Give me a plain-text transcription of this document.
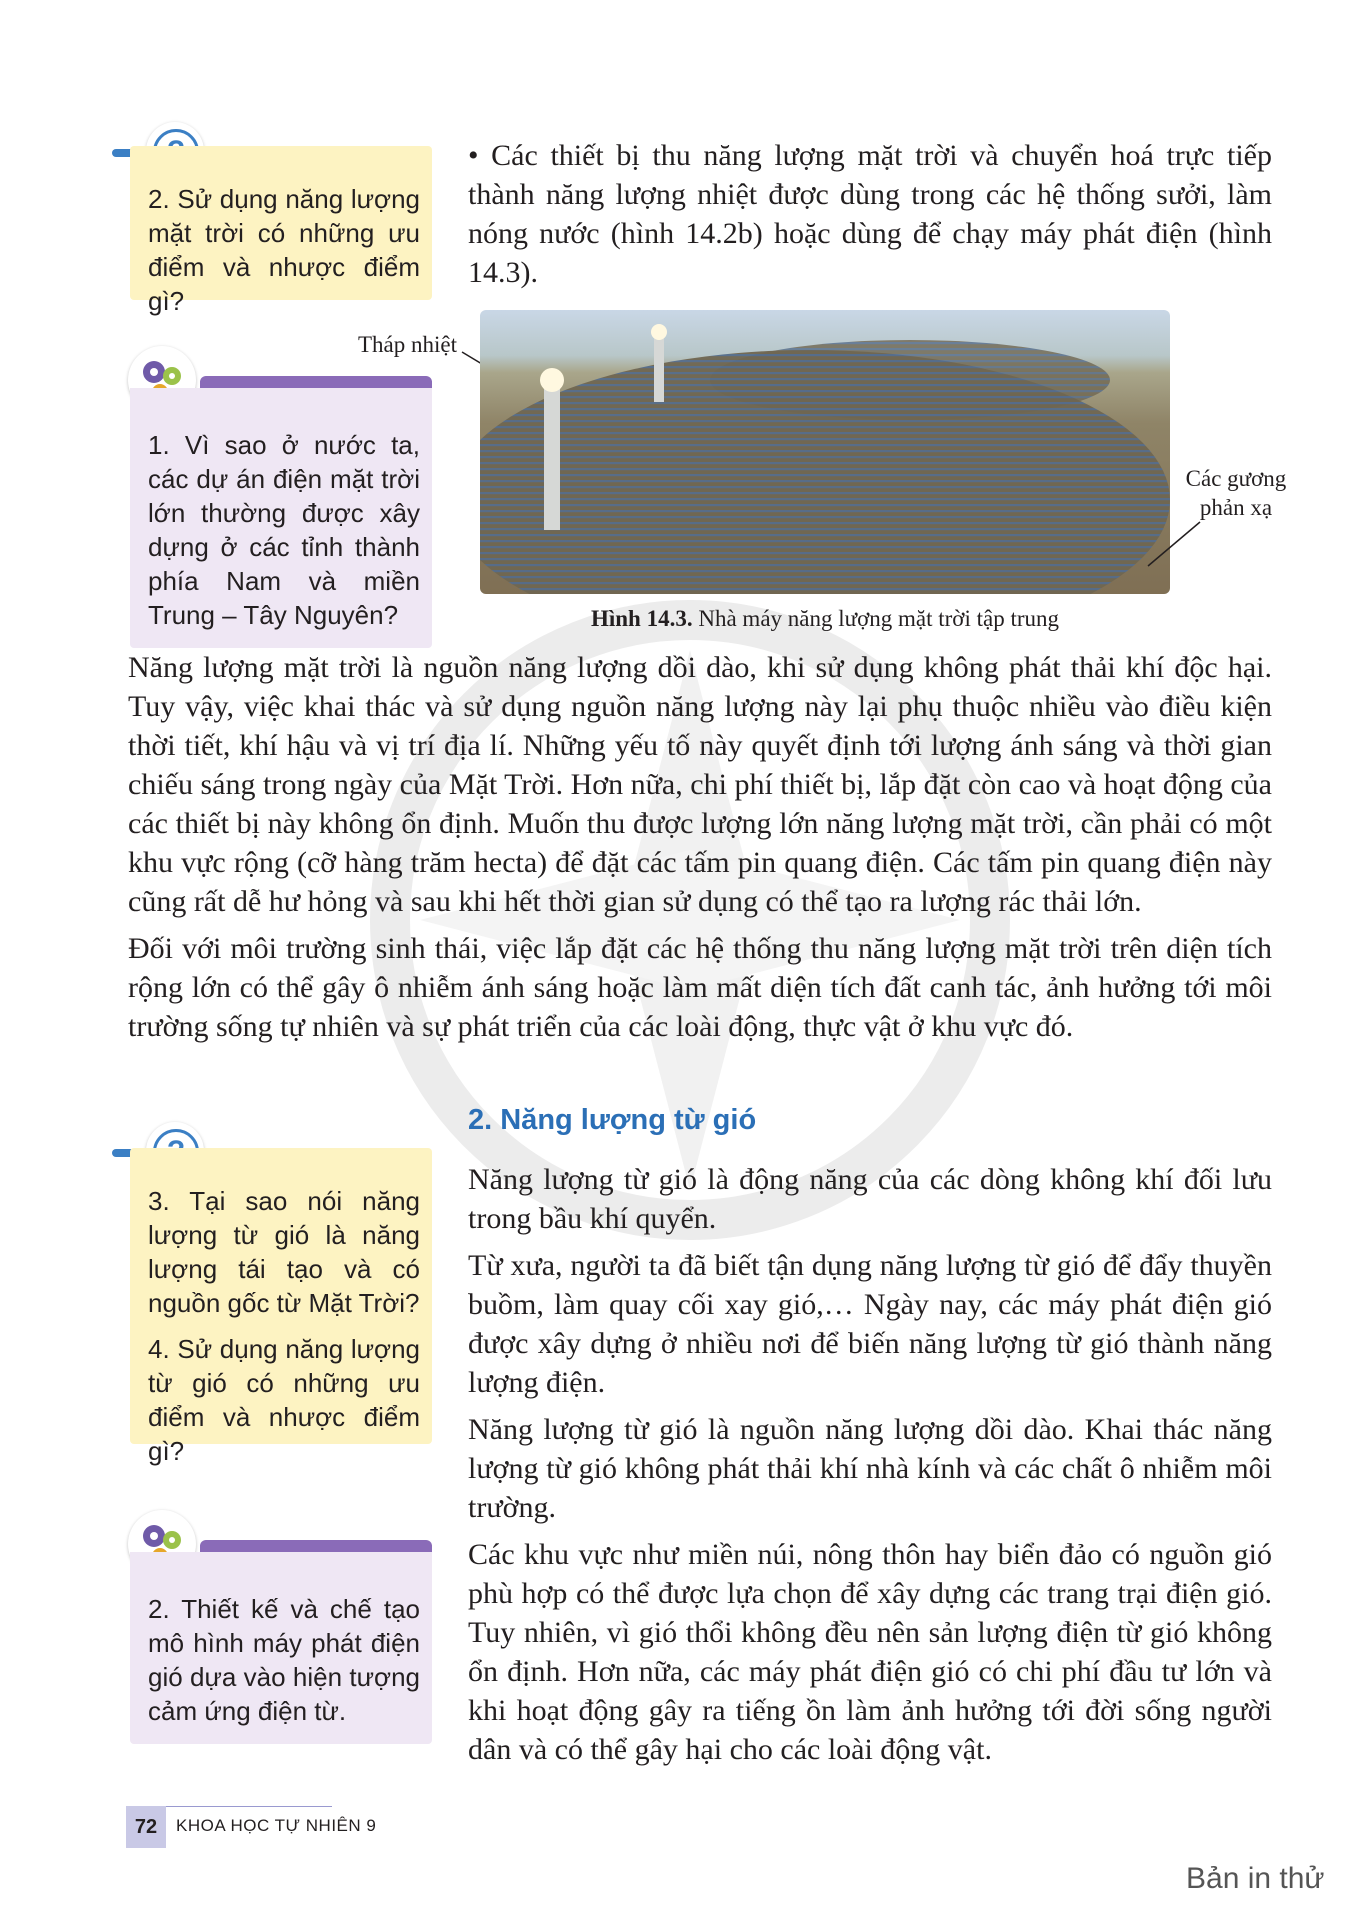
2. Sử dụng năng lượng mặt trời có những ưu điểm và nhược điểm gì?
1. Vì sao ở nước ta, các dự án điện mặt trời lớn thường được xây dựng ở các tỉnh thành phía Nam và miền Trung – Tây Nguyên?

• Các thiết bị thu năng lượng mặt trời và chuyển hoá trực tiếp thành năng lượng nhiệt được dùng trong các hệ thống sưởi, làm nóng nước (hình 14.2b) hoặc dùng để chạy máy phát điện (hình 14.3).

Tháp nhiệt
Các gương phản xạ
Hình 14.3. Nhà máy năng lượng mặt trời tập trung

Năng lượng mặt trời là nguồn năng lượng dồi dào, khi sử dụng không phát thải khí độc hại. Tuy vậy, việc khai thác và sử dụng nguồn năng lượng này lại phụ thuộc nhiều vào điều kiện thời tiết, khí hậu và vị trí địa lí. Những yếu tố này quyết định tới lượng ánh sáng và thời gian chiếu sáng trong ngày của Mặt Trời. Hơn nữa, chi phí thiết bị, lắp đặt còn cao và hoạt động của các thiết bị này không ổn định. Muốn thu được lượng lớn năng lượng mặt trời, cần phải có một khu vực rộng (cỡ hàng trăm hecta) để đặt các tấm pin quang điện. Các tấm pin quang điện này cũng rất dễ hư hỏng và sau khi hết thời gian sử dụng có thể tạo ra lượng rác thải lớn.

Đối với môi trường sinh thái, việc lắp đặt các hệ thống thu năng lượng mặt trời trên diện tích rộng lớn có thể gây ô nhiễm ánh sáng hoặc làm mất diện tích đất canh tác, ảnh hưởng tới môi trường sống tự nhiên và sự phát triển của các loài động, thực vật ở khu vực đó.

3. Tại sao nói năng lượng từ gió là năng lượng tái tạo và có nguồn gốc từ Mặt Trời?
4. Sử dụng năng lượng từ gió có những ưu điểm và nhược điểm gì?
2. Thiết kế và chế tạo mô hình máy phát điện gió dựa vào hiện tượng cảm ứng điện từ.
2. Năng lượng từ gió

Năng lượng từ gió là động năng của các dòng không khí đối lưu trong bầu khí quyển.

Từ xưa, người ta đã biết tận dụng năng lượng từ gió để đẩy thuyền buồm, làm quay cối xay gió,… Ngày nay, các máy phát điện gió được xây dựng ở nhiều nơi để biến năng lượng từ gió thành năng lượng điện.

Năng lượng từ gió là nguồn năng lượng dồi dào. Khai thác năng lượng từ gió không phát thải khí nhà kính và các chất ô nhiễm môi trường.

Các khu vực như miền núi, nông thôn hay biển đảo có nguồn gió phù hợp có thể được lựa chọn để xây dựng các trang trại điện gió. Tuy nhiên, vì gió thổi không đều nên sản lượng điện từ gió không ổn định. Hơn nữa, các máy phát điện gió có chi phí đầu tư lớn và khi hoạt động gây ra tiếng ồn làm ảnh hưởng tới đời sống người dân và có thể gây hại cho các loài động vật.

72	KHOA HỌC TỰ NHIÊN 9
Bản in thử
